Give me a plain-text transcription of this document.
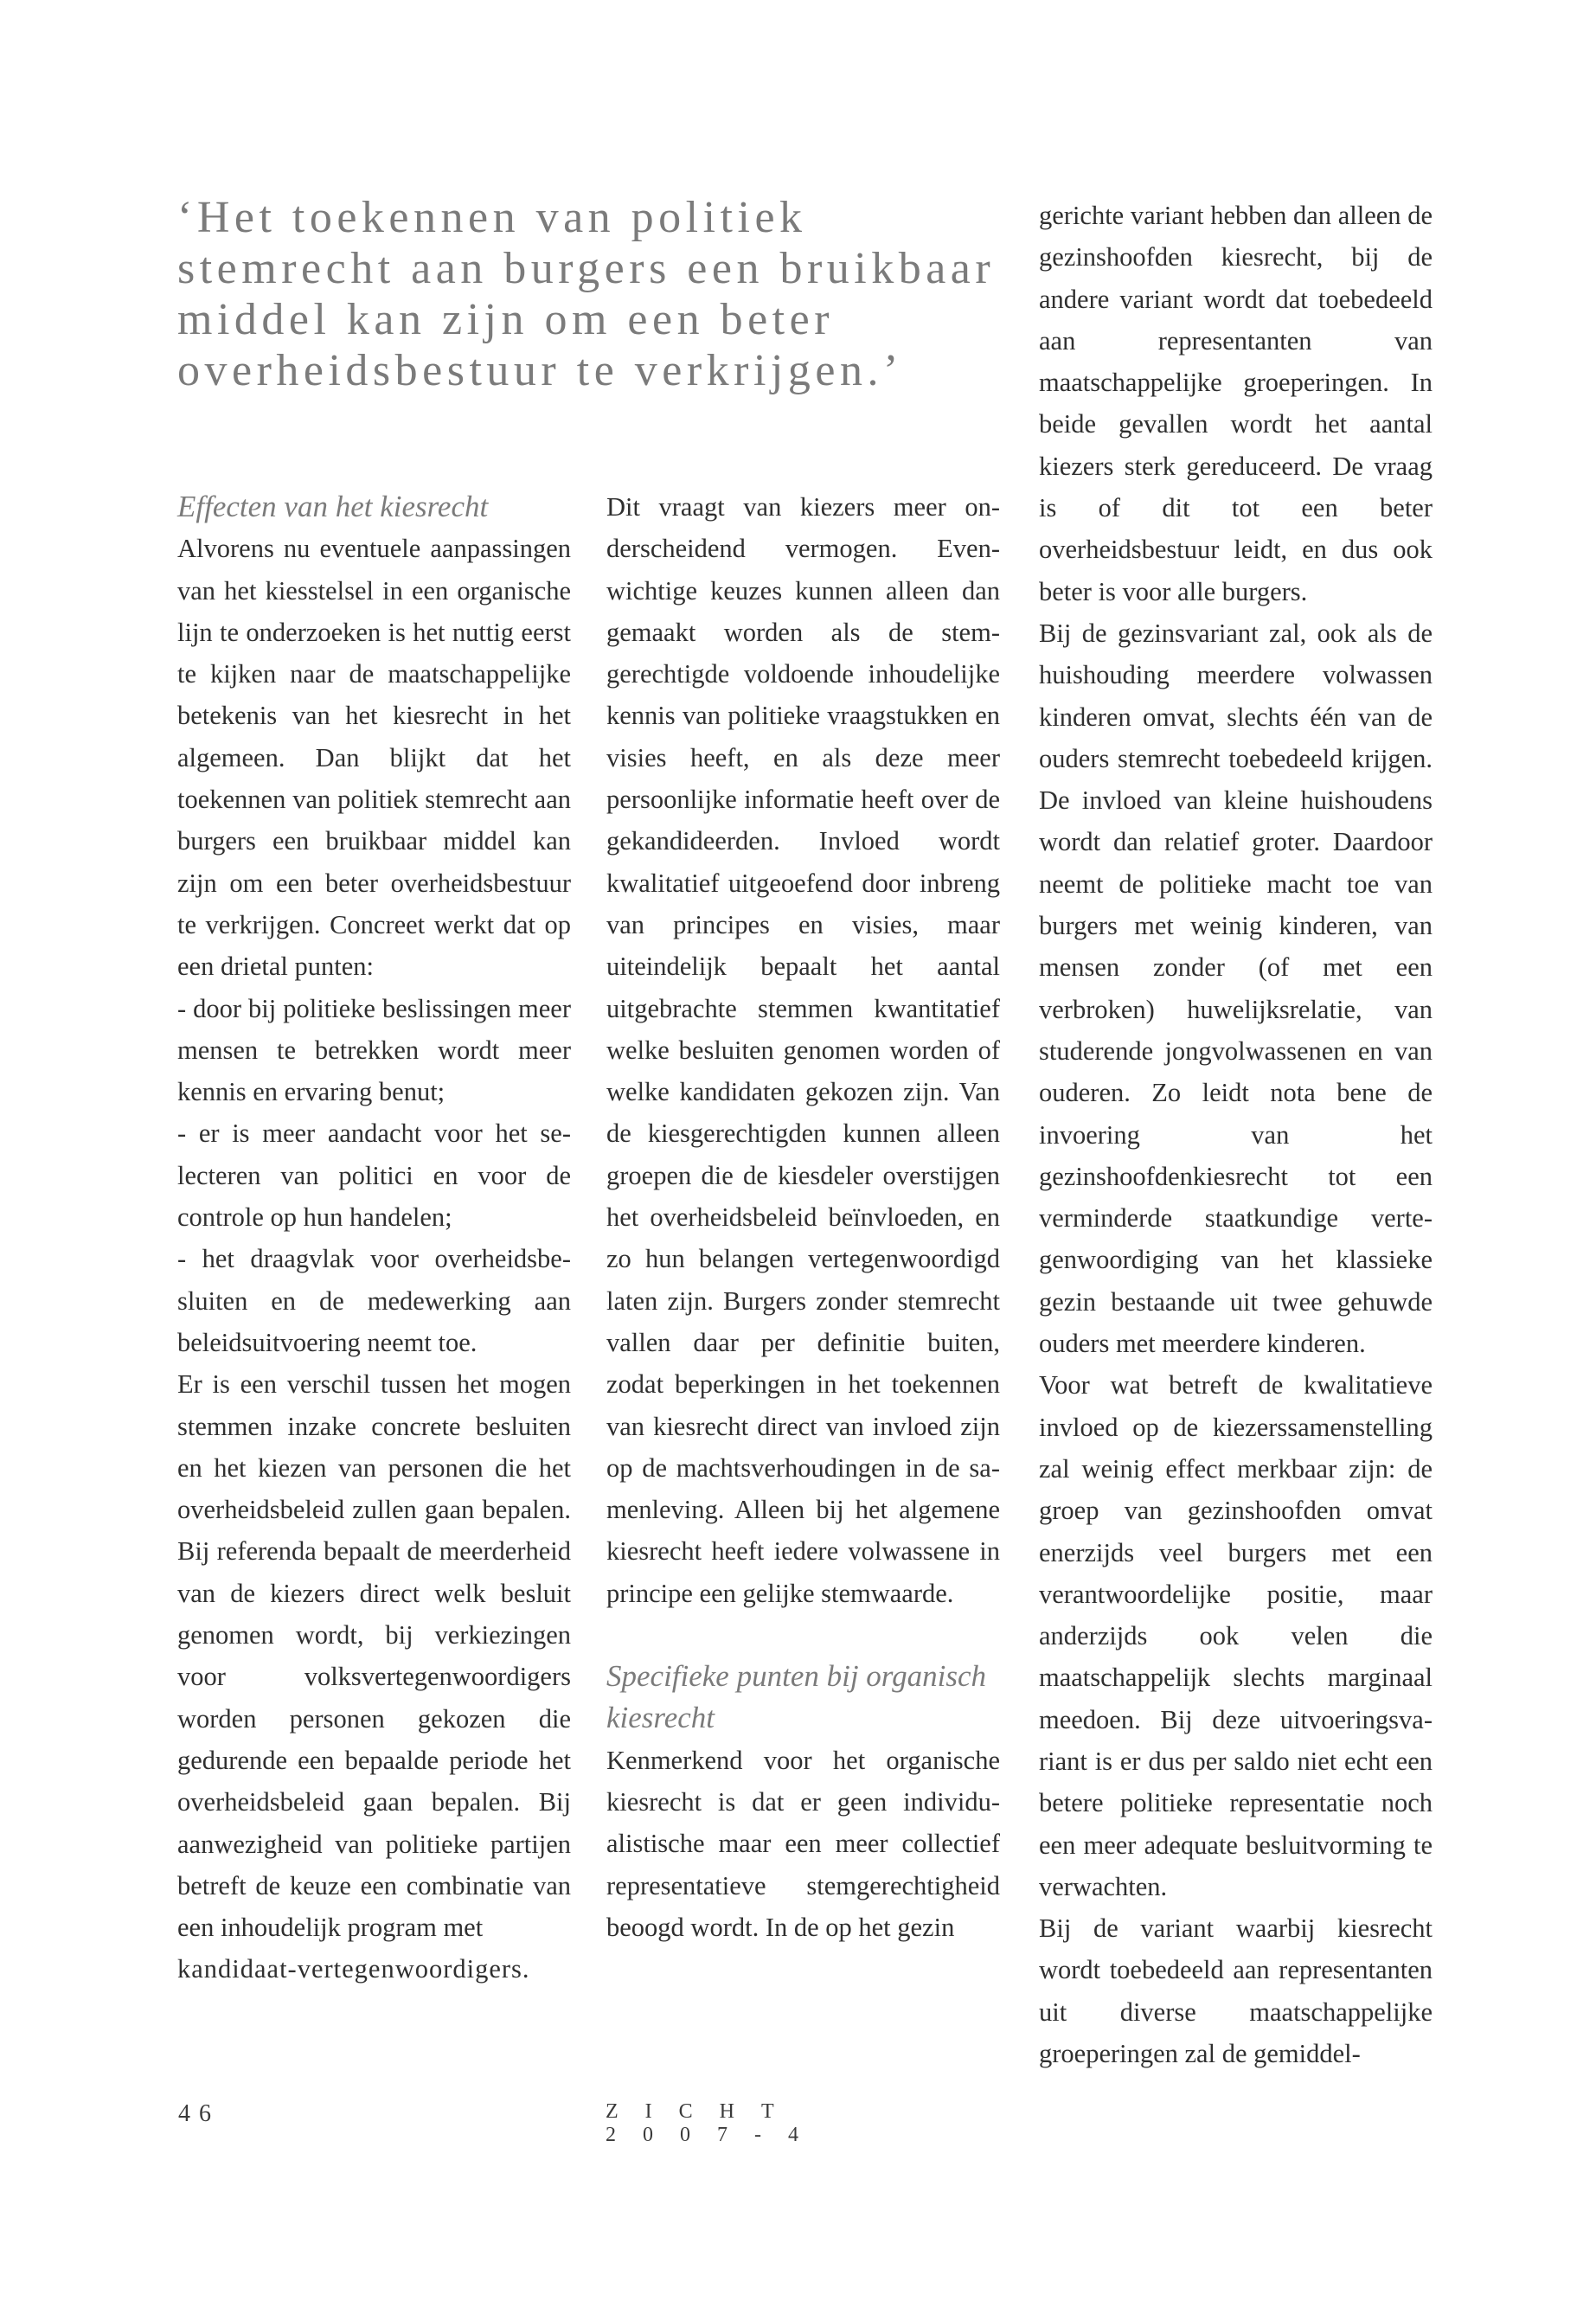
‘Het toekennen van politiek stemrecht aan burgers een bruikbaar middel kan zijn om een beter overheidsbestuur te verkrijgen.’
Effecten van het kiesrecht

Alvorens nu eventuele aanpassingen van het kiesstelsel in een organische lijn te onderzoeken is het nuttig eerst te kijken naar de maatschappelijke betekenis van het kiesrecht in het algemeen. Dan blijkt dat het toekennen van politiek stemrecht aan burgers een bruikbaar middel kan zijn om een beter overheidsbestuur te verkrijgen. Concreet werkt dat op een drietal punten:

- door bij politieke beslissingen meer mensen te betrekken wordt meer kennis en ervaring benut;

- er is meer aandacht voor het selecteren van politici en voor de controle op hun handelen;

- het draagvlak voor overheidsbesluiten en de medewerking aan beleidsuitvoering neemt toe.

Er is een verschil tussen het mogen stemmen inzake concrete besluiten en het kiezen van personen die het overheidsbeleid zullen gaan bepalen. Bij referenda bepaalt de meerderheid van de kiezers direct welk besluit genomen wordt, bij verkiezingen voor volksvertegenwoordigers worden personen gekozen die gedurende een bepaalde periode het overheidsbeleid gaan bepalen. Bij aanwezigheid van politieke partijen betreft de keuze een combinatie van een inhoudelijk program met

kandidaat-vertegenwoordigers.

Dit vraagt van kiezers meer onderscheidend vermogen. Evenwichtige keuzes kunnen alleen dan gemaakt worden als de stemgerechtigde voldoende inhoudelijke kennis van politieke vraagstukken en visies heeft, en als deze meer persoonlijke informatie heeft over de gekandideerden. Invloed wordt kwalitatief uitgeoefend door inbreng van principes en visies, maar uiteindelijk bepaalt het aantal uitgebrachte stemmen kwantitatief welke besluiten genomen worden of welke kandidaten gekozen zijn. Van de kiesgerechtigden kunnen alleen groepen die de kiesdeler overstijgen het overheidsbeleid beïnvloeden, en zo hun belangen vertegenwoordigd laten zijn. Burgers zonder stemrecht vallen daar per definitie buiten, zodat beperkingen in het toekennen van kiesrecht direct van invloed zijn op de machtsverhoudingen in de samenleving. Alleen bij het algemene kiesrecht heeft iedere volwassene in principe een gelijke stemwaarde.

Specifieke punten bij organisch kiesrecht

Kenmerkend voor het organische kiesrecht is dat er geen individualistische maar een meer collectief representatieve stemgerechtigheid beoogd wordt. In de op het gezin

gerichte variant hebben dan alleen de gezinshoofden kiesrecht, bij de andere variant wordt dat toebedeeld aan representanten van maatschappelijke groeperingen. In beide gevallen wordt het aantal kiezers sterk gereduceerd. De vraag is of dit tot een beter overheidsbestuur leidt, en dus ook beter is voor alle burgers.

Bij de gezinsvariant zal, ook als de huishouding meerdere volwassen kinderen omvat, slechts één van de ouders stemrecht toebedeeld krijgen. De invloed van kleine huishoudens wordt dan relatief groter. Daardoor neemt de politieke macht toe van burgers met weinig kinderen, van mensen zonder (of met een verbroken) huwelijksrelatie, van studerende jongvolwassenen en van ouderen. Zo leidt nota bene de invoering van het gezinshoofdenkiesrecht tot een verminderde staatkundige vertegenwoordiging van het klassieke gezin bestaande uit twee gehuwde ouders met meerdere kinderen.

Voor wat betreft de kwalitatieve invloed op de kiezerssamenstelling zal weinig effect merkbaar zijn: de groep van gezinshoofden omvat enerzijds veel burgers met een verantwoordelijke positie, maar anderzijds ook velen die maatschappelijk slechts marginaal meedoen. Bij deze uitvoeringsvariant is er dus per saldo niet echt een betere politieke representatie noch een meer adequate besluitvorming te verwachten.

Bij de variant waarbij kiesrecht wordt toebedeeld aan representanten uit diverse maatschappelijke groeperingen zal de gemiddel-

46	ZICHT 2007-4
